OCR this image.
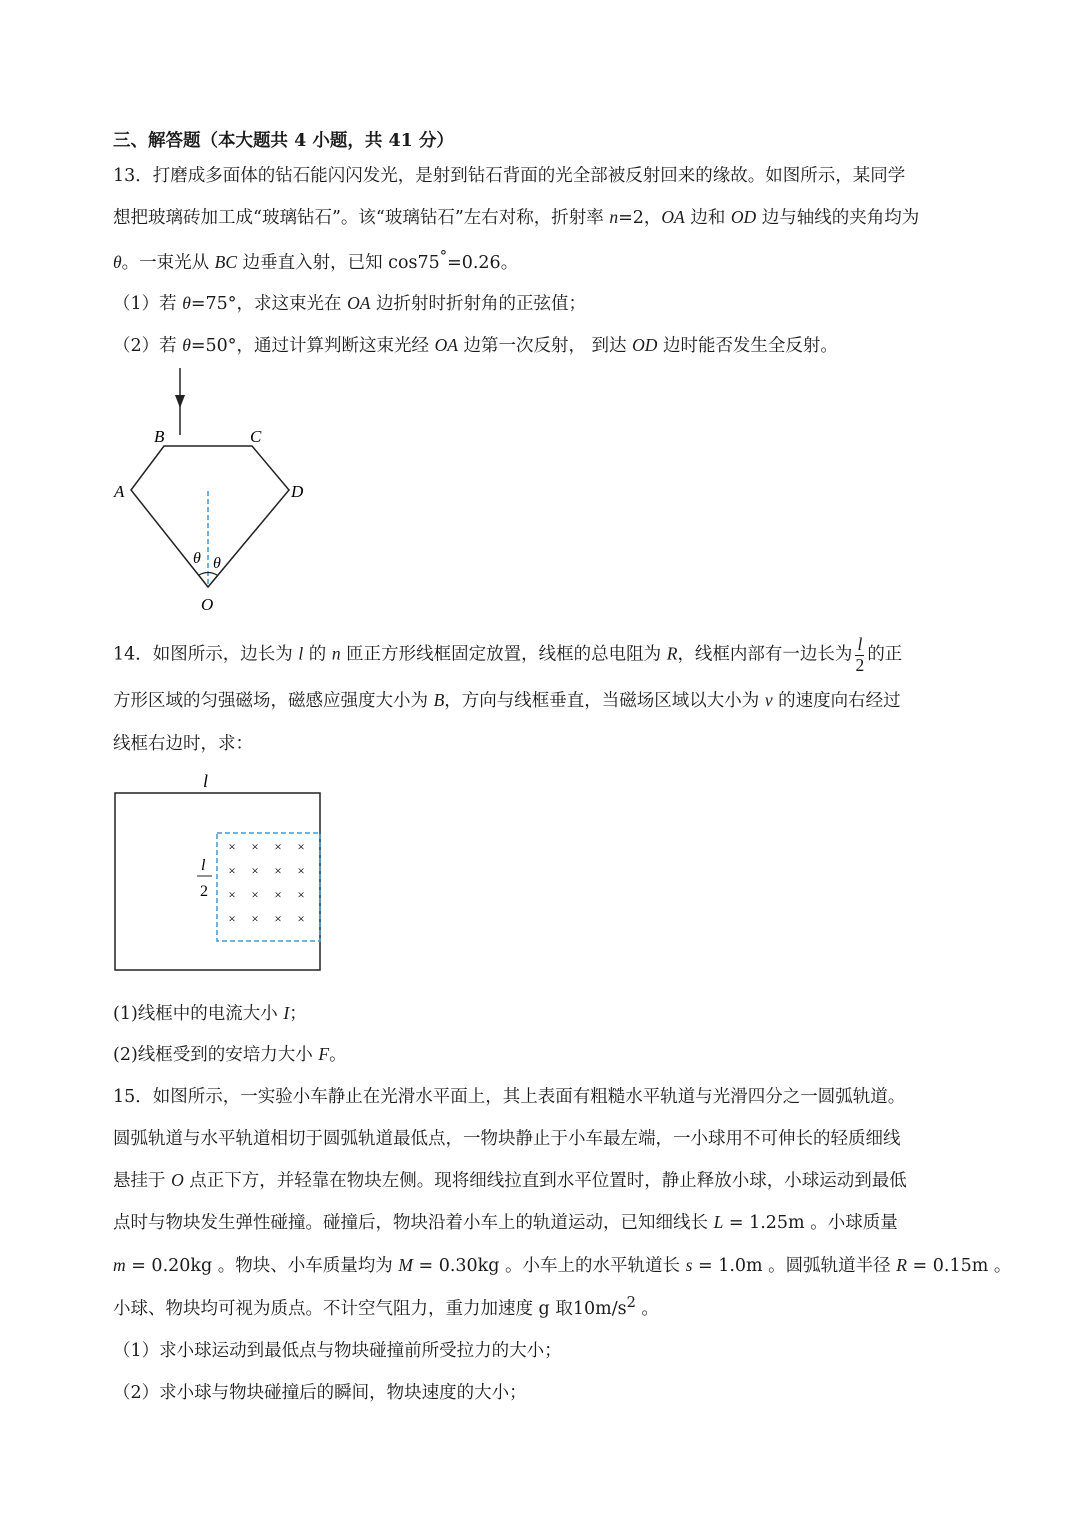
三、解答题（本大题共 4 小题，共 41 分）
13．打磨成多面体的钻石能闪闪发光，是射到钻石背面的光全部被反射回来的缘故。如图所示，某同学
想把玻璃砖加工成“玻璃钻石”。该“玻璃钻石”左右对称，折射率 n=2，OA 边和 OD 边与轴线的夹角均为
θ。一束光从 BC 边垂直入射，已知 cos75°=0.26。
（1）若 θ=75°，求这束光在 OA 边折射时折射角的正弦值；
（2）若 θ=50°，通过计算判断这束光经 OA 边第一次反射， 到达 OD 边时能否发生全反射。
B	C
A	D
θ θ
O
14．如图所示，边长为 l 的 n 匝正方形线框固定放置，线框的总电阻为 R，线框内部有一边长为 $\frac{l}{2}$ 的正
方形区域的匀强磁场，磁感应强度大小为 B，方向与线框垂直，当磁场区域以大小为 v 的速度向右经过
线框右边时，求：
l
l
2
× × × ×
× × × ×
× × × ×
× × × ×
(1)线框中的电流大小 I；
(2)线框受到的安培力大小 F。
15．如图所示，一实验小车静止在光滑水平面上，其上表面有粗糙水平轨道与光滑四分之一圆弧轨道。
圆弧轨道与水平轨道相切于圆弧轨道最低点，一物块静止于小车最左端，一小球用不可伸长的轻质细线
悬挂于 O 点正下方，并轻靠在物块左侧。现将细线拉直到水平位置时，静止释放小球，小球运动到最低
点时与物块发生弹性碰撞。碰撞后，物块沿着小车上的轨道运动，已知细线长 L = 1.25m 。小球质量
m = 0.20kg 。物块、小车质量均为 M = 0.30kg 。小车上的水平轨道长 s = 1.0m 。圆弧轨道半径 R = 0.15m 。
小球、物块均可视为质点。不计空气阻力，重力加速度 g 取$10m/s^2$ 。
（1）求小球运动到最低点与物块碰撞前所受拉力的大小；
（2）求小球与物块碰撞后的瞬间，物块速度的大小；
